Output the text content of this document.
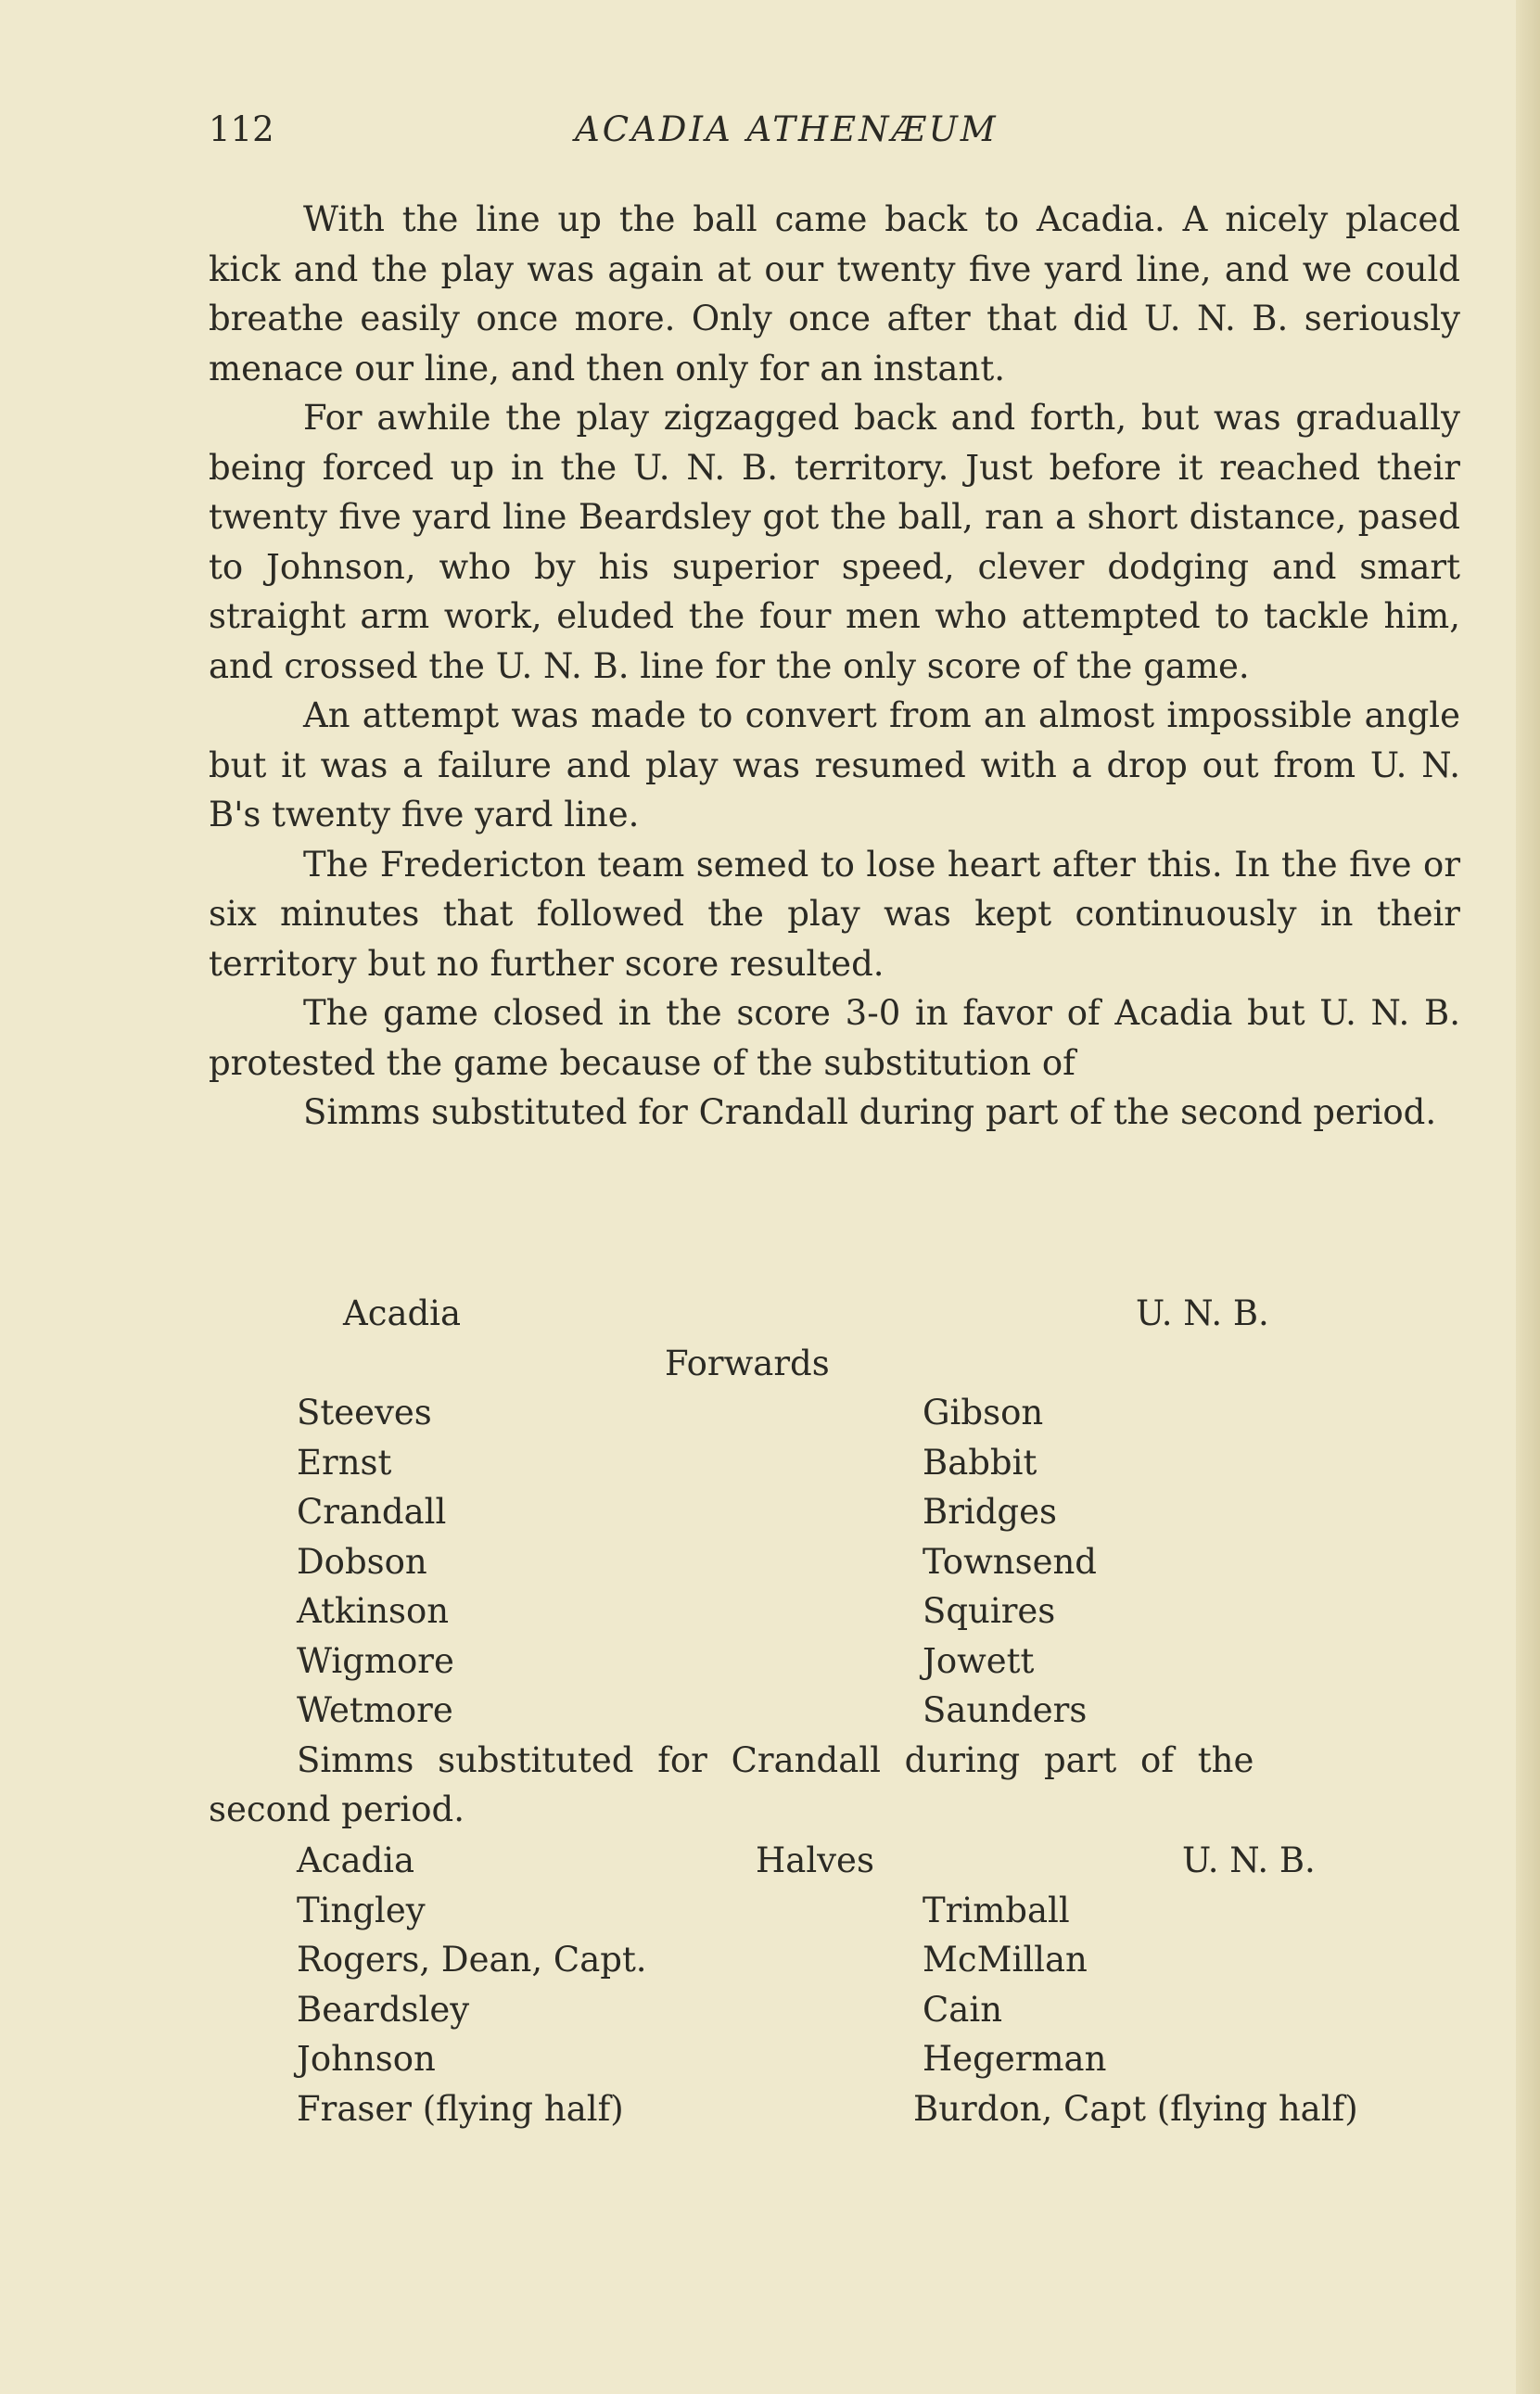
112	ACADIA ATHENÆUM

With the line up the ball came back to Acadia. A nicely placed kick and the play was again at our twenty five yard line, and we could breathe easily once more. Only once after that did U. N. B. seriously menace our line, and then only for an instant.

For awhile the play zigzagged back and forth, but was gradually being forced up in the U. N. B. territory. Just before it reached their twenty five yard line Beardsley got the ball, ran a short distance, pased to Johnson, who by his superior speed, clever dodging and smart straight arm work, eluded the four men who attempted to tackle him, and crossed the U. N. B. line for the only score of the game.

An attempt was made to convert from an almost impossible angle but it was a failure and play was resumed with a drop out from U. N. B's twenty five yard line.

The Fredericton team semed to lose heart after this. In the five or six minutes that followed the play was kept continuously in their territory but no further score resulted.

The game closed in the score 3-0 in favor of Acadia but U. N. B. protested the game because of the substitution of

Simms substituted for Crandall during part of the second period.

Acadia	U. N. B.
Forwards
Steeves	Gibson
Ernst	Babbit
Crandall	Bridges
Dobson	Townsend
Atkinson	Squires
Wigmore	Jowett
Wetmore	Saunders
Simms substituted for Crandall during part of the
second period.
Acadia	Halves	U. N. B.
Tingley	Trimball
Rogers, Dean, Capt.	McMillan
Beardsley	Cain
Johnson	Hegerman
Fraser (flying half)	Burdon, Capt (flying half)
